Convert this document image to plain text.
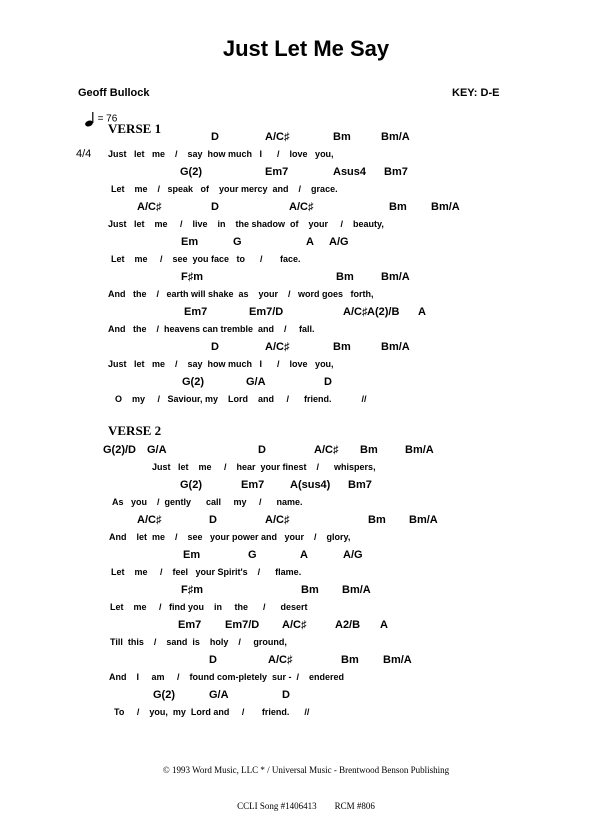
Just Let Me Say
Geoff Bullock	KEY: D-E

= 76

VERSE 1
4/4
D	A/C♯	Bm	Bm/A
Just   let   me    /    say  how much   I      /    love   you,
G(2)	Em7	Asus4 Bm7
Let    me    /   speak   of    your mercy  and    /    grace.
A/C♯	D	A/C♯	Bm Bm/A
Just   let    me     /    live    in    the shadow  of    your     /    beauty,
Em	G	A A/G
Let    me     /    see  you face   to      /       face.
F♯m	Bm Bm/A
And   the    /   earth will shake  as    your    /   word goes   forth,
Em7	Em7/D	A/C♯ A(2)/B A
And   the    /  heavens can tremble  and    /     fall.
D	A/C♯	Bm	Bm/A
Just   let   me    /    say  how much   I      /    love   you,
G(2)	G/A	D
O    my     /   Saviour, my    Lord    and     /      friend.            //
VERSE 2
G(2)/D G/A	D	A/C♯ Bm Bm/A
Just   let    me     /    hear  your finest    /      whispers,
G(2)	Em7 A(sus4) Bm7
As   you    /  gently      call     my     /      name.
A/C♯	D	A/C♯	Bm Bm/A
And    let  me    /    see   your power and   your    /    glory,
Em	G	A	A/G
Let    me     /    feel   your Spirit's    /      flame.
F♯m	Bm Bm/A
Let    me     /   find you    in     the      /      desert
Em7 Em7/D A/C♯	A2/B A
Till  this    /    sand  is    holy    /     ground,
D	A/C♯	Bm Bm/A
And    I     am     /    found com-pletely  sur -  /    endered
G(2)	G/A	D
To     /    you,  my  Lord and     /       friend.      //

© 1993 Word Music, LLC * / Universal Music - Brentwood Benson Publishing

CCLI Song #1406413        RCM #806
